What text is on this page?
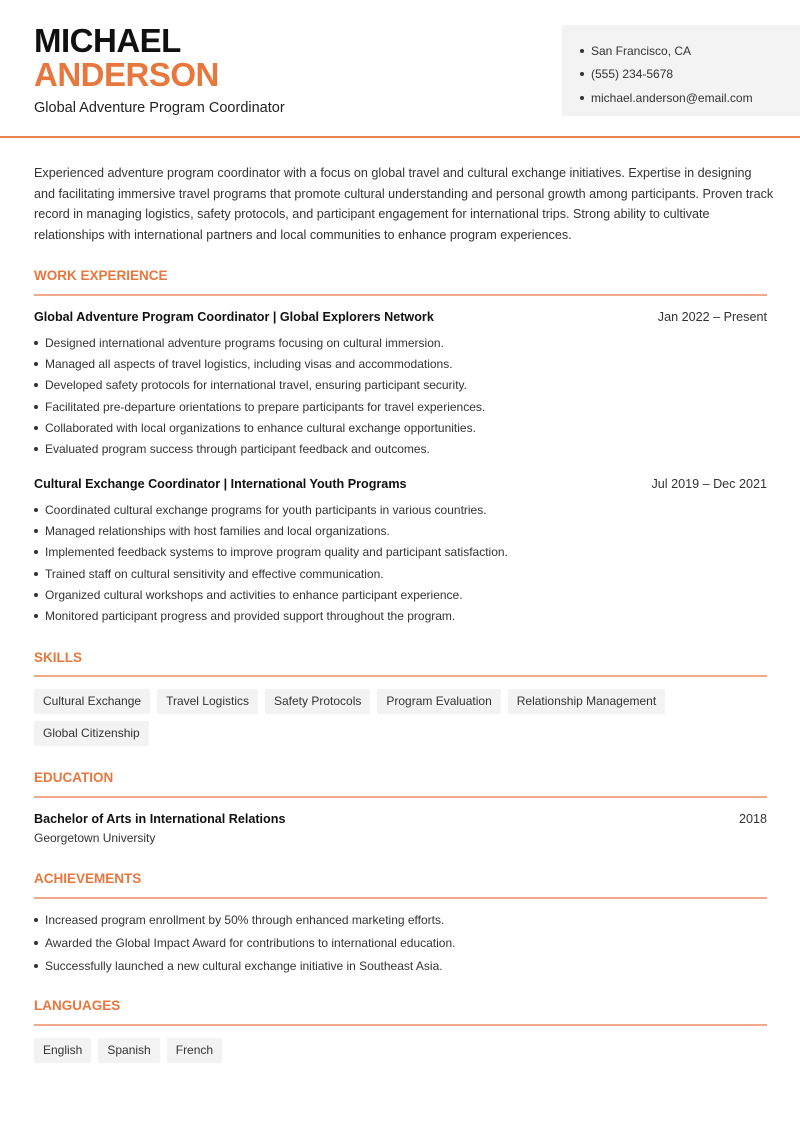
MICHAEL
ANDERSON
Global Adventure Program Coordinator
San Francisco, CA
(555) 234-5678
michael.anderson@email.com

Experienced adventure program coordinator with a focus on global travel and cultural exchange initiatives. Expertise in designing and facilitating immersive travel programs that promote cultural understanding and personal growth among participants. Proven track record in managing logistics, safety protocols, and participant engagement for international trips. Strong ability to cultivate relationships with international partners and local communities to enhance program experiences.

WORK EXPERIENCE
Global Adventure Program Coordinator | Global Explorers Network	Jan 2022 – Present
Designed international adventure programs focusing on cultural immersion.
Managed all aspects of travel logistics, including visas and accommodations.
Developed safety protocols for international travel, ensuring participant security.
Facilitated pre-departure orientations to prepare participants for travel experiences.
Collaborated with local organizations to enhance cultural exchange opportunities.
Evaluated program success through participant feedback and outcomes.
Cultural Exchange Coordinator | International Youth Programs	Jul 2019 – Dec 2021
Coordinated cultural exchange programs for youth participants in various countries.
Managed relationships with host families and local organizations.
Implemented feedback systems to improve program quality and participant satisfaction.
Trained staff on cultural sensitivity and effective communication.
Organized cultural workshops and activities to enhance participant experience.
Monitored participant progress and provided support throughout the program.
SKILLS
Cultural Exchange	Travel Logistics	Safety Protocols	Program Evaluation	Relationship Management
Global Citizenship
EDUCATION
Bachelor of Arts in International Relations	2018
Georgetown University
ACHIEVEMENTS
Increased program enrollment by 50% through enhanced marketing efforts.
Awarded the Global Impact Award for contributions to international education.
Successfully launched a new cultural exchange initiative in Southeast Asia.
LANGUAGES
English	Spanish	French
